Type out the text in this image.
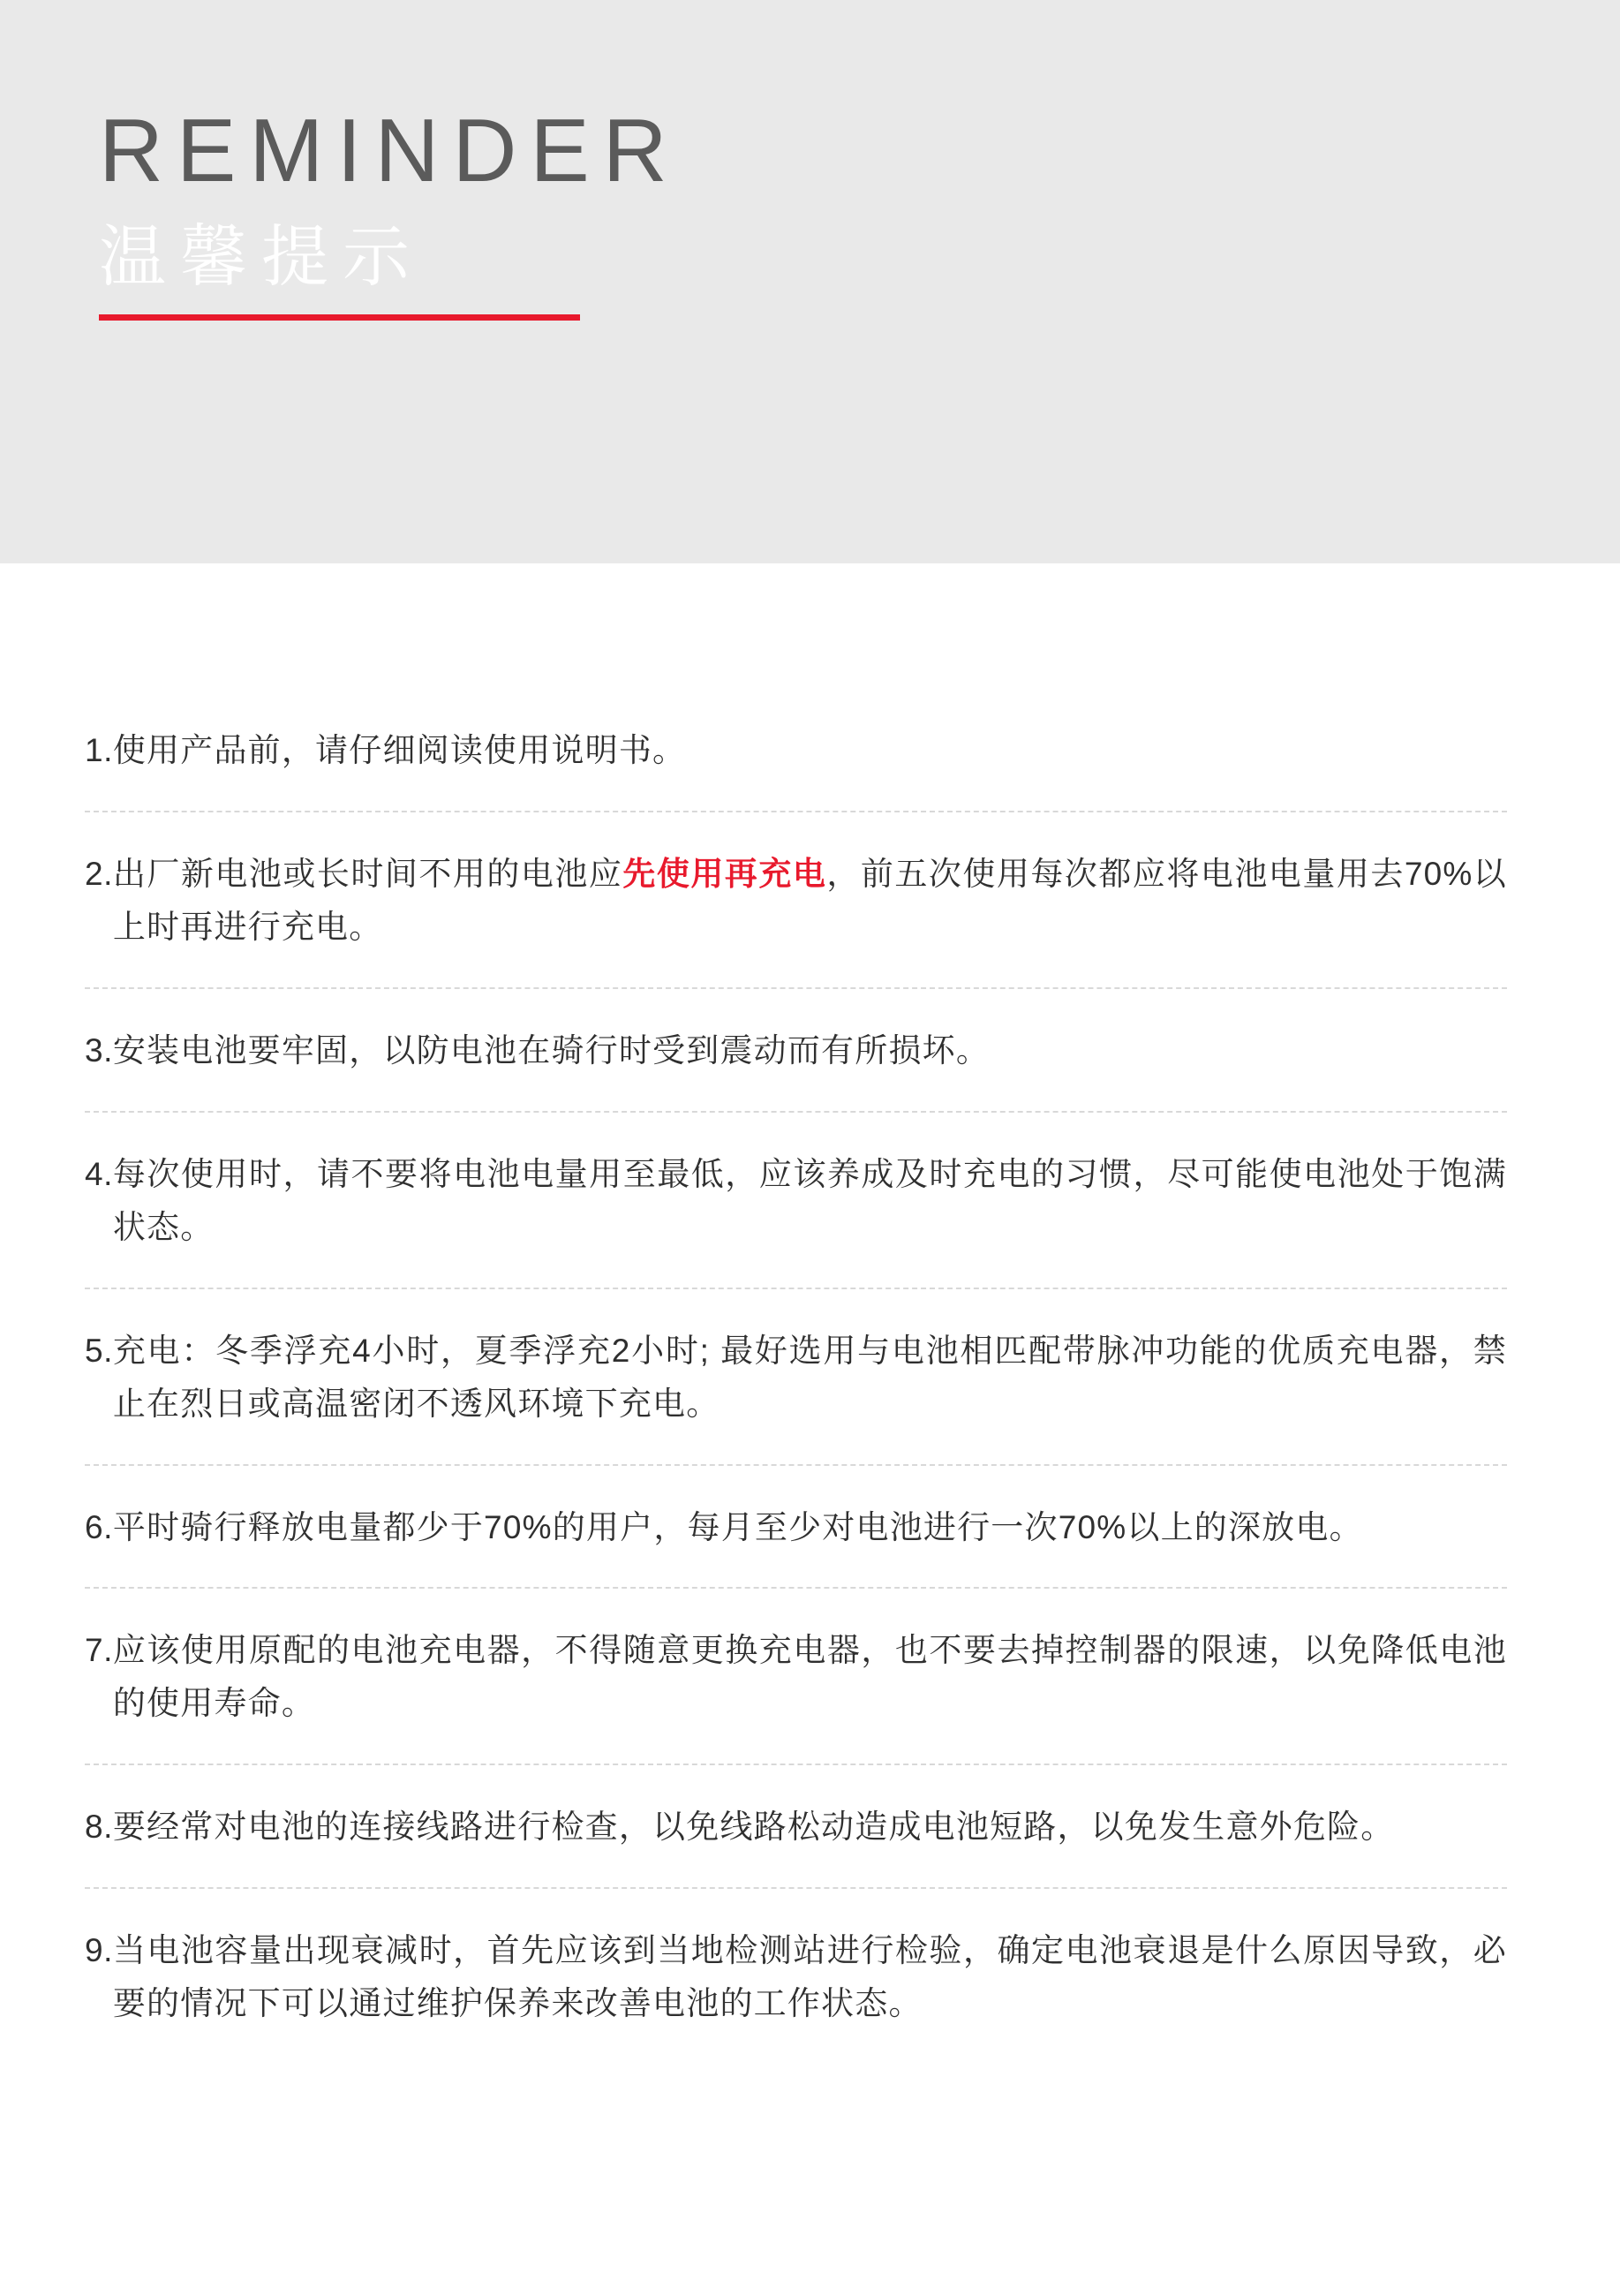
REMINDER
温馨提示
1. 使用产品前，请仔细阅读使用说明书。
2. 出厂新电池或长时间不用的电池应先使用再充电，前五次使用每次都应将电池电量用去70%以上时再进行充电。
3. 安装电池要牢固，以防电池在骑行时受到震动而有所损坏。
4. 每次使用时，请不要将电池电量用至最低，应该养成及时充电的习惯，尽可能使电池处于饱满状态。
5. 充电：冬季浮充4小时，夏季浮充2小时; 最好选用与电池相匹配带脉冲功能的优质充电器，禁止在烈日或高温密闭不透风环境下充电。
6. 平时骑行释放电量都少于70%的用户，每月至少对电池进行一次70%以上的深放电。
7. 应该使用原配的电池充电器，不得随意更换充电器，也不要去掉控制器的限速，以免降低电池的使用寿命。
8. 要经常对电池的连接线路进行检查，以免线路松动造成电池短路，以免发生意外危险。
9. 当电池容量出现衰减时，首先应该到当地检测站进行检验，确定电池衰退是什么原因导致，必要的情况下可以通过维护保养来改善电池的工作状态。
